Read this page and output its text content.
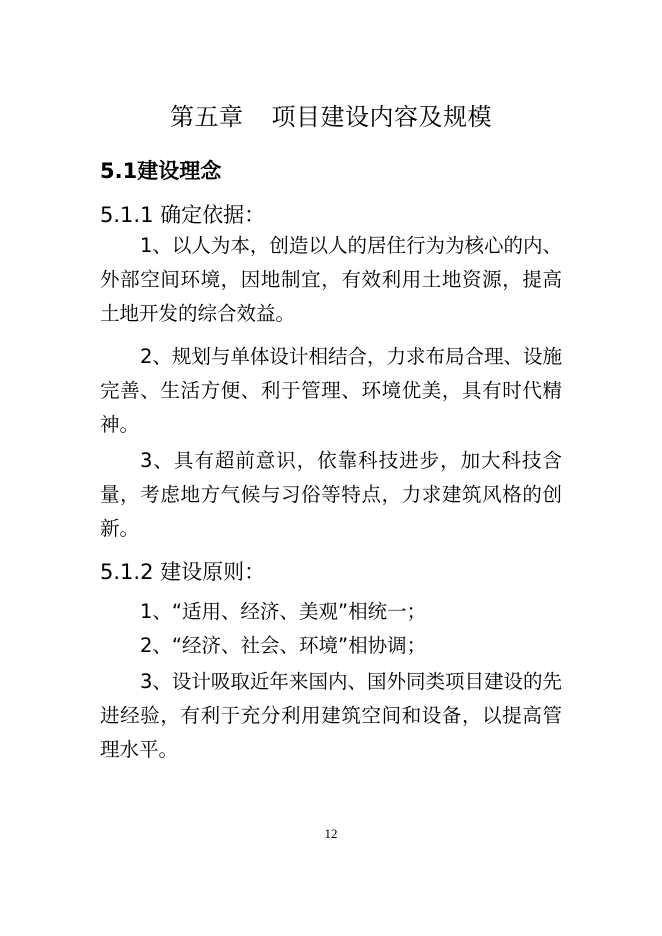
第五章 项目建设内容及规模
5.1建设理念
5.1.1 确定依据：

1、以人为本，创造以人的居住行为为核心的内、外部空间环境，因地制宜，有效利用土地资源，提高土地开发的综合效益。

2、规划与单体设计相结合，力求布局合理、设施完善、生活方便、利于管理、环境优美，具有时代精神。

3、具有超前意识，依靠科技进步，加大科技含量，考虑地方气候与习俗等特点，力求建筑风格的创新。

5.1.2 建设原则：

1、“适用、经济、美观”相统一；

2、“经济、社会、环境”相协调；

3、设计吸取近年来国内、国外同类项目建设的先进经验，有利于充分利用建筑空间和设备，以提高管理水平。

12
